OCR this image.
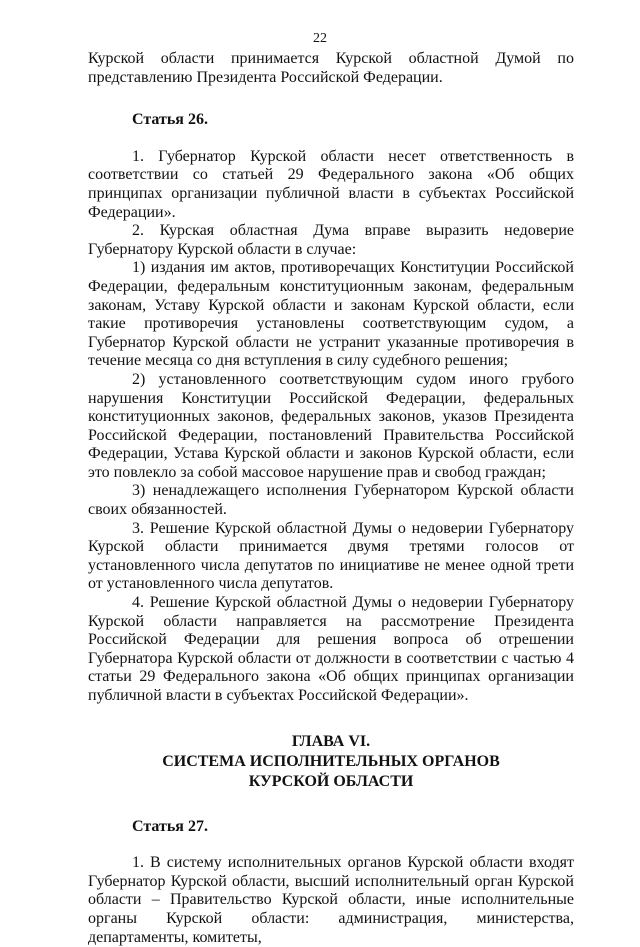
22

Курской области принимается Курской областной Думой по представлению Президента Российской Федерации.

Статья 26.

1. Губернатор Курской области несет ответственность в соответствии со статьей 29 Федерального закона «Об общих принципах организации публичной власти в субъектах Российской Федерации».

2. Курская областная Дума вправе выразить недоверие Губернатору Курской области в случае:

1) издания им актов, противоречащих Конституции Российской Федерации, федеральным конституционным законам, федеральным законам, Уставу Курской области и законам Курской области, если такие противоречия установлены соответствующим судом, а Губернатор Курской области не устранит указанные противоречия в течение месяца со дня вступления в силу судебного решения;

2) установленного соответствующим судом иного грубого нарушения Конституции Российской Федерации, федеральных конституционных законов, федеральных законов, указов Президента Российской Федерации, постановлений Правительства Российской Федерации, Устава Курской области и законов Курской области, если это повлекло за собой массовое нарушение прав и свобод граждан;

3) ненадлежащего исполнения Губернатором Курской области своих обязанностей.

3. Решение Курской областной Думы о недоверии Губернатору Курской области принимается двумя третями голосов от установленного числа депутатов по инициативе не менее одной трети от установленного числа депутатов.

4. Решение Курской областной Думы о недоверии Губернатору Курской области направляется на рассмотрение Президента Российской Федерации для решения вопроса об отрешении Губернатора Курской области от должности в соответствии с частью 4 статьи 29 Федерального закона «Об общих принципах организации публичной власти в субъектах Российской Федерации».

ГЛАВА VI.
СИСТЕМА ИСПОЛНИТЕЛЬНЫХ ОРГАНОВ
КУРСКОЙ ОБЛАСТИ

Статья 27.

1. В систему исполнительных органов Курской области входят Губернатор Курской области, высший исполнительный орган Курской области – Правительство Курской области, иные исполнительные органы Курской области: администрация, министерства, департаменты, комитеты,
